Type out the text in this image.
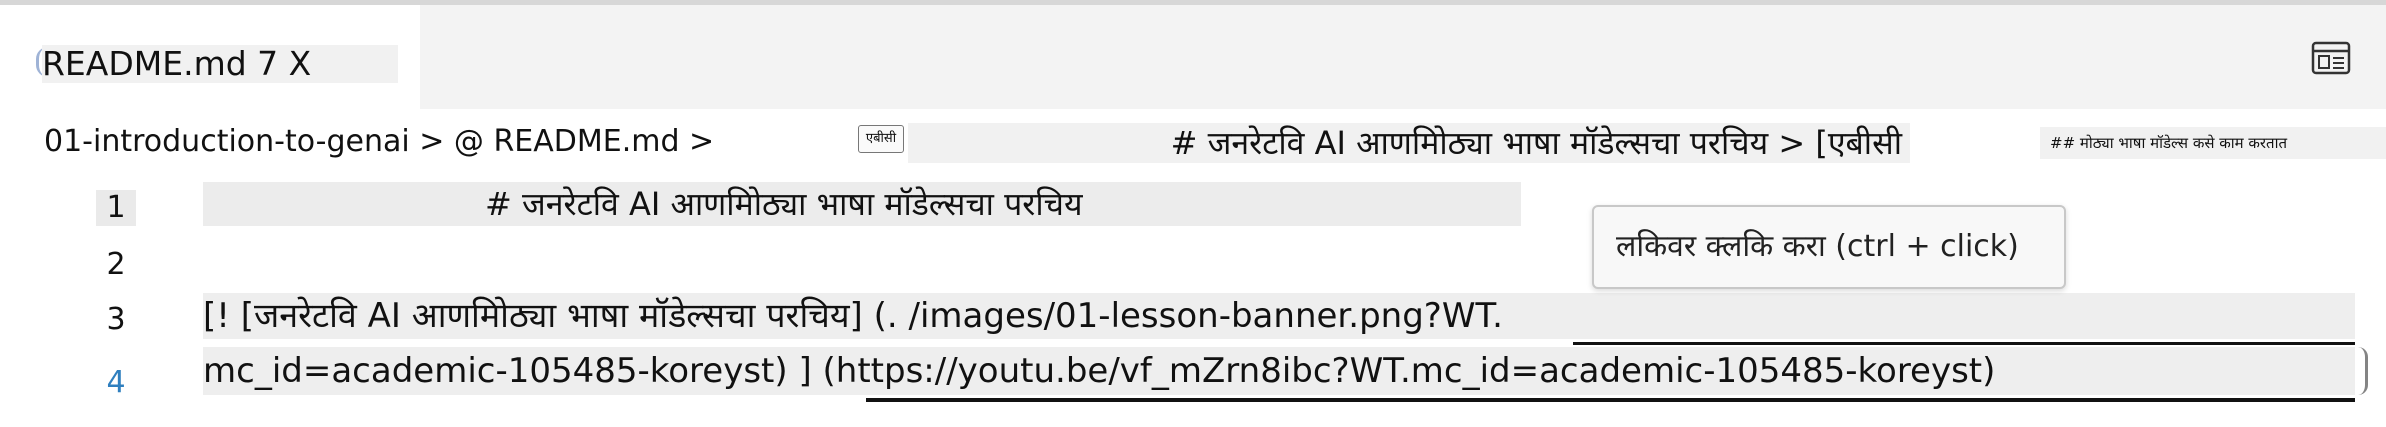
README.md 7 X
01-introduction-to-genai > @ README.md >	एबीसी	# जनरेटवि AI आणमिोठ्या भाषा मॉडेल्सचा परचिय > [एबीसी	## मोठ्या भाषा मॉडेल्स कसे काम करतात
1
2
3
4
# जनरेटवि AI आणमिोठ्या भाषा मॉडेल्सचा परचिय
[! [जनरेटवि AI आणमिोठ्या भाषा मॉडेल्सचा परचिय] (. /images/01-lesson-banner.png?WT.
mc_id=academic-105485-koreyst) ] (https://youtu.be/vf_mZrn8ibc?WT.mc_id=academic-105485-koreyst)
लकिवर क्लकि करा (ctrl + click)
